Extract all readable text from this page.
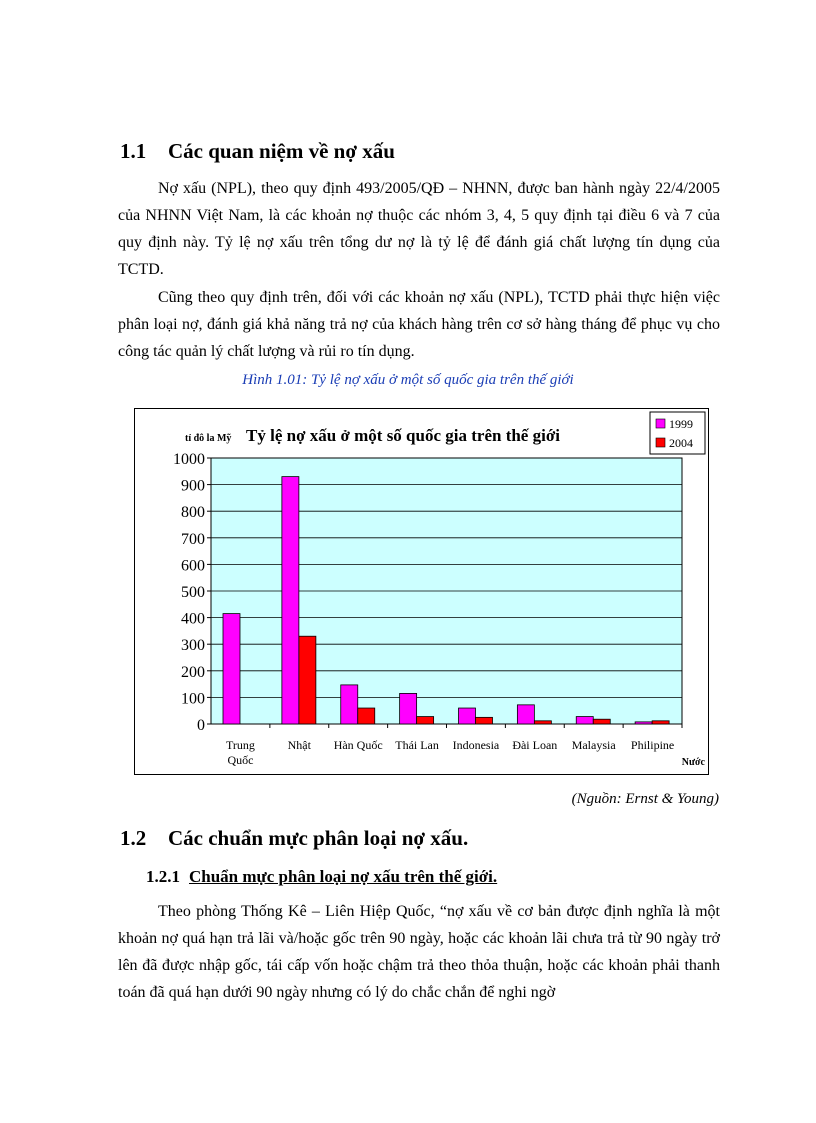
1.1 Các quan niệm về nợ xấu
Nợ xấu (NPL), theo quy định 493/2005/QĐ – NHNN, được ban hành ngày 22/4/2005 của NHNN Việt Nam, là các khoản nợ thuộc các nhóm 3, 4, 5 quy định tại điều 6 và 7 của quy định này. Tỷ lệ nợ xấu trên tổng dư nợ là tỷ lệ để đánh giá chất lượng tín dụng của TCTD.
Cũng theo quy định trên, đối với các khoản nợ xấu (NPL), TCTD phải thực hiện việc phân loại nợ, đánh giá khả năng trả nợ của khách hàng trên cơ sở hàng tháng để phục vụ cho công tác quản lý chất lượng và rủi ro tín dụng.
Hình 1.01: Tỷ lệ nợ xấu ở một số quốc gia trên thế giới
0
100
200
300
400
500
600
700
800
900
1000
Trung Quốc
Nhật Hàn Quốc Thái Lan Indonesia Đài Loan Malaysia Philipine
Tỷ lệ nợ xấu ở một số quốc gia trên thế giới
tỉ đô la Mỹ
Nước
1999
2004
(Nguồn: Ernst & Young)
1.2 Các chuẩn mực phân loại nợ xấu.
1.2.1 Chuẩn mực phân loại nợ xấu trên thế giới.
Theo phòng Thống Kê – Liên Hiệp Quốc, “nợ xấu về cơ bản được định nghĩa là một khoản nợ quá hạn trả lãi và/hoặc gốc trên 90 ngày, hoặc các khoản lãi chưa trả từ 90 ngày trở lên đã được nhập gốc, tái cấp vốn hoặc chậm trả theo thỏa thuận, hoặc các khoản phải thanh toán đã quá hạn dưới 90 ngày nhưng có lý do chắc chắn để nghi ngờ
